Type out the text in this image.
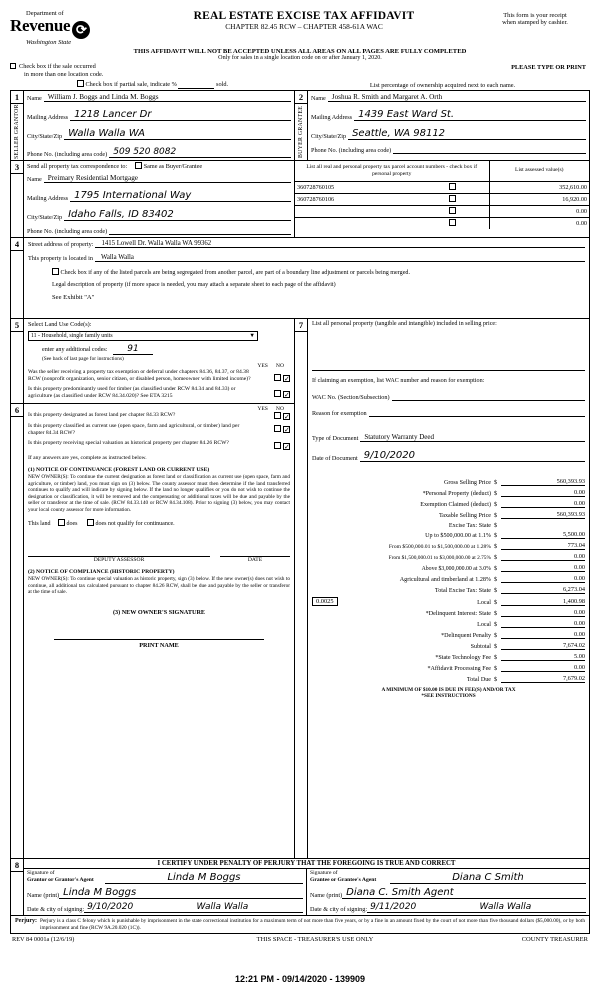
Department of
Revenue ⟳
Washington State
REAL ESTATE EXCISE TAX AFFIDAVIT
CHAPTER 82.45 RCW – CHAPTER 458-61A WAC
This form is your receipt
when stamped by cashier.
THIS AFFIDAVIT WILL NOT BE ACCEPTED UNLESS ALL AREAS ON ALL PAGES ARE FULLY COMPLETED
Only for sales in a single location code on or after January 1, 2020.
Check box if the sale occurred
in more than one location code.
PLEASE TYPE OR PRINT
Check box if partial sale, indicate %	sold.	List percentage of ownership acquired next to each name.
1
SELLER GRANTOR
Name William J. Boggs and Linda M. Boggs
Mailing Address 1218 Lancer Dr
City/State/Zip Walla Walla WA
Phone No. (including area code) 509 520 8082
2
BUYER GRANTEE
Name Joshua R. Smith and Margaret A. Orth
Mailing Address 1439 East Ward St.
City/State/Zip Seattle, WA 98112
Phone No. (including area code)
3	Send all property tax correspondence to:	Same as Buyer/Grantee
Name Preimary Residential Mortgage
Mailing Address 1795 International Way
City/State/Zip Idaho Falls, ID 83402
Phone No. (including area code)
List all real and personal property tax parcel account numbers - check box if personal property	List assessed value(s)
360728760105	352,610.00
360728760106	16,920.00
	0.00
	0.00
4	Street address of property:	1415 Lowell Dr. Walla Walla WA 99362
This property is located in	Walla Walla
Check box if any of the listed parcels are being segregated from another parcel, are part of a boundary line adjustment or parcels being merged.
Legal description of property (if more space is needed, you may attach a separate sheet to each page of the affidavit)
See Exhibit "A"
5	Select Land Use Code(s):
11 - Household, single family units	▼
enter any additional codes: 91
(See back of last page for instructions)
YES NO
Was the seller receiving a property tax exemption or deferral under chapters 84.36, 84.37, or 84.38 RCW (nonprofit organization, senior citizen, or disabled person, homeowner with limited income)?
✓
Is this property predominantly used for timber (as classified under RCW 84.34 and 84.33) or agriculture (as classified under RCW 84.34.020)? See ETA 3215
✓
6	YES NO
Is this property designated as forest land per chapter 84.33 RCW?
✓
Is this property classified as current use (open space, farm and agricultural, or timber) land per chapter 84.34 RCW?
✓
Is this property receiving special valuation as historical property per chapter 84.26 RCW?
✓
If any answers are yes, complete as instructed below.
(1) NOTICE OF CONTINUANCE (FOREST LAND OR CURRENT USE)
NEW OWNER(S): To continue the current designation as forest land or classification as current use (open space, farm and agriculture, or timber) land, you must sign on (3) below. The county assessor must then determine if the land transferred continues to qualify and will indicate by signing below. If the land no longer qualifies or you do not wish to continue the designation or classification, it will be removed and the compensating or additional taxes will be due and payable by the seller or transferor at the time of sale. (RCW 84.33.140 or RCW 84.34.108). Prior to signing (3) below, you may contact your local county assessor for more information.
This land	does	does not qualify for continuance.

DEPUTY ASSESSOR
	DATE
(2) NOTICE OF COMPLIANCE (HISTORIC PROPERTY)
NEW OWNER(S): To continue special valuation as historic property, sign (3) below. If the new owner(s) does not wish to continue, all additional tax calculated pursuant to chapter 84.26 RCW, shall be due and payable by the seller or transferor at the time of sale.
(3) NEW OWNER'S SIGNATURE

PRINT NAME
7	List all personal property (tangible and intangible) included in selling price:
If claiming an exemption, list WAC number and reason for exemption:
WAC No. (Section/Subsection)

Reason for exemption

Type of Document Statutory Warranty Deed
Date of Document 9/10/2020
Gross Selling Price $	560,393.93
*Personal Property (deduct) $	0.00
Exemption Claimed (deduct) $	0.00
Taxable Selling Price $	560,393.93
Excise Tax: State $

Up to $500,000.00 at 1.1% $	5,500.00
From $500,000.01 to $1,500,000.00 at 1.28% $	773.04
From $1,500,000.01 to $3,000,000.00 at 2.75% $	0.00
Above $3,000,000.00 at 3.0% $	0.00
Agricultural and timberland at 1.28% $	0.00
Total Excise Tax: State $	6,273.04
0.0025	Local $	1,400.98
*Delinquent Interest: State $	0.00
Local $	0.00
*Delinquent Penalty $	0.00
Subtotal $	7,674.02
*State Technology Fee $	5.00
*Affidavit Processing Fee $	0.00
Total Due $	7,679.02
A MINIMUM OF $10.00 IS DUE IN FEE(S) AND/OR TAX
*SEE INSTRUCTIONS
8	I CERTIFY UNDER PENALTY OF PERJURY THAT THE FOREGOING IS TRUE AND CORRECT
Signature of
Grantor or Grantor's Agent	Linda M Boggs
Name (print) Linda M Boggs
Date & city of signing: 9/10/2020	Walla Walla
Signature of
Grantee or Grantee's Agent	Diana C Smith
Name (print) Diana C. Smith Agent
Date & city of signing: 9/11/2020	Walla Walla
Perjury: Perjury is a class C felony which is punishable by imprisonment in the state correctional institution for a maximum term of not more than five years, or by a fine in an amount fixed by the court of not more than five thousand dollars ($5,000.00), or by both imprisonment and fine (RCW 9A.20.020 (1C)).
REV 84 0001a (12/6/19)	THIS SPACE - TREASURER'S USE ONLY	COUNTY TREASURER
12:21 PM - 09/14/2020 - 139909
